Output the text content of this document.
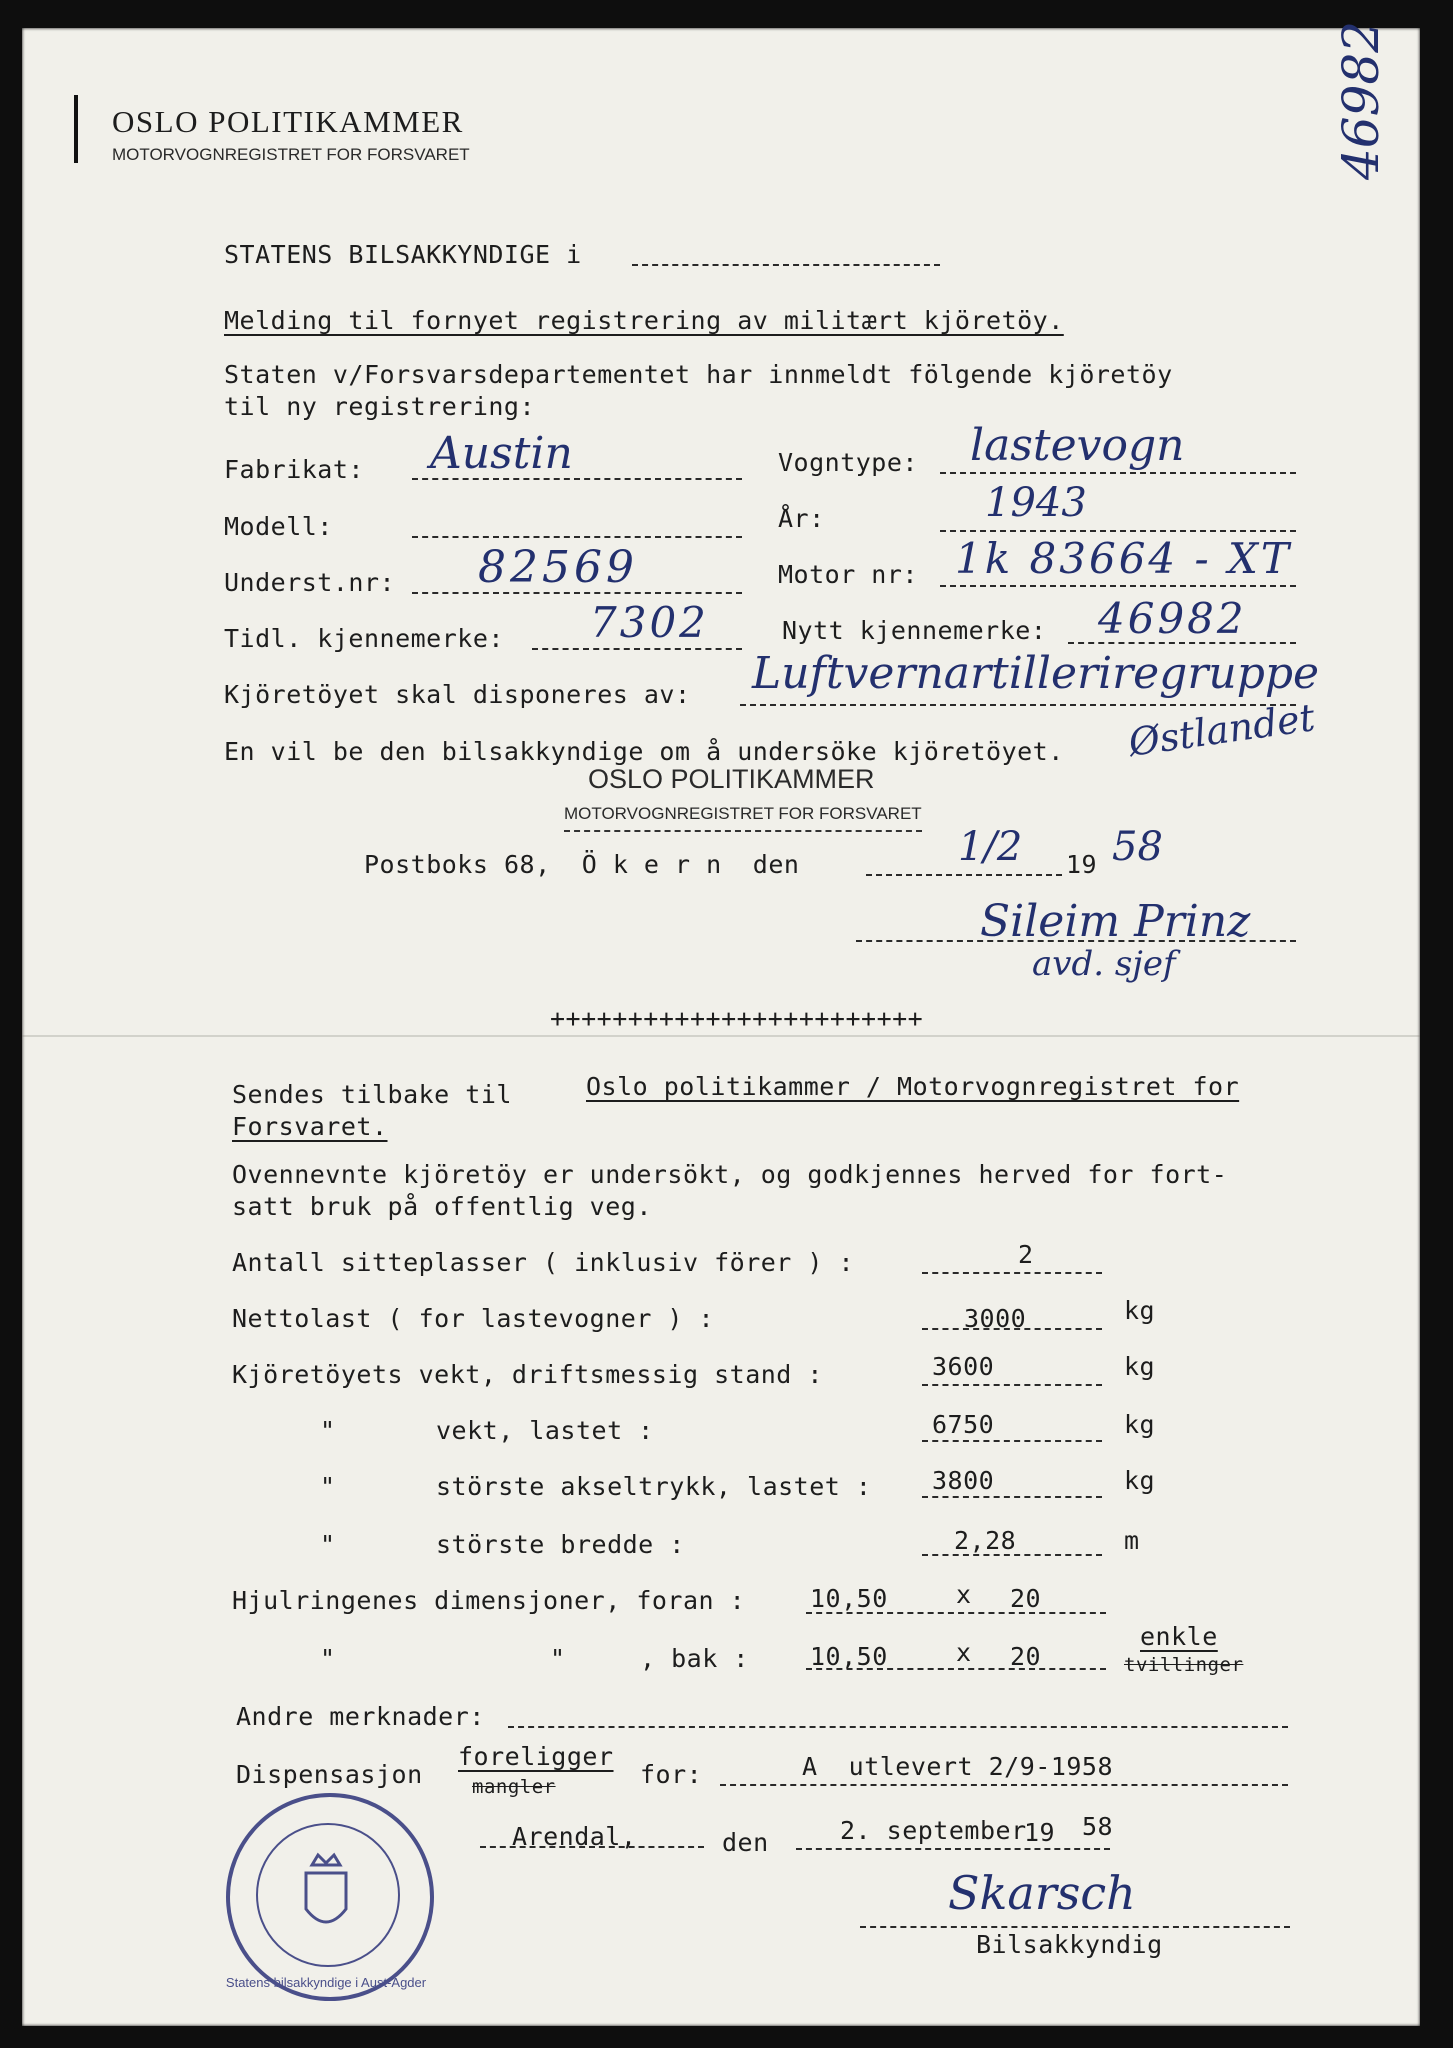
OSLO POLITIKAMMER
MOTORVOGNREGISTRET FOR FORSVARET	46982
STATENS BILSAKKYNDIGE i
Melding til fornyet registrering av militært kjöretöy.
Staten v/Forsvarsdepartementet har innmeldt fölgende kjöretöy
til ny registrering:
Fabrikat: Austin	Vogntype: lastevogn
Modell:	År:	1943
Underst.nr: 82569	Motor nr: 1k 83664 - XT
Tidl. kjennemerke: 7302	Nytt kjennemerke: 46982
Kjöretöyet skal disponeres av: Luftvernartilleriregruppe
En vil be den bilsakkyndige om å undersöke kjöretöyet. Østlandet
OSLO POLITIKAMMER
MOTORVOGNREGISTRET FOR FORSVARET
Postboks 68,  Ö k e r n  den	1/2 19 58
Sileim Prinz
avd. sjef
++++++++++++++++++++++++
Sendes tilbake til	Oslo politikammer / Motorvognregistret for
Forsvaret.
Ovennevnte kjöretöy er undersökt, og godkjennes herved for fort-
satt bruk på offentlig veg.
Antall sitteplasser ( inklusiv förer ) :	2
Nettolast ( for lastevogner ) :	3000	kg
Kjöretöyets vekt, driftsmessig stand :	3600	kg
"	vekt, lastet :	6750	kg
"	störste akseltrykk, lastet : 3800	kg
"	störste bredde :	2,28	m
Hjulringenes dimensjoner, foran :	10,50	x 20
"	"	, bak : 10,50	x 20
enkle
tvillinger
Andre merknader:
Dispensasjon
foreligger
mangler	for:	A  utlevert 2/9-1958
Arendal,	den	2. september
19 58
Skarsch
Bilsakkyndig
Statens bilsakkyndige i Aust-Agder
